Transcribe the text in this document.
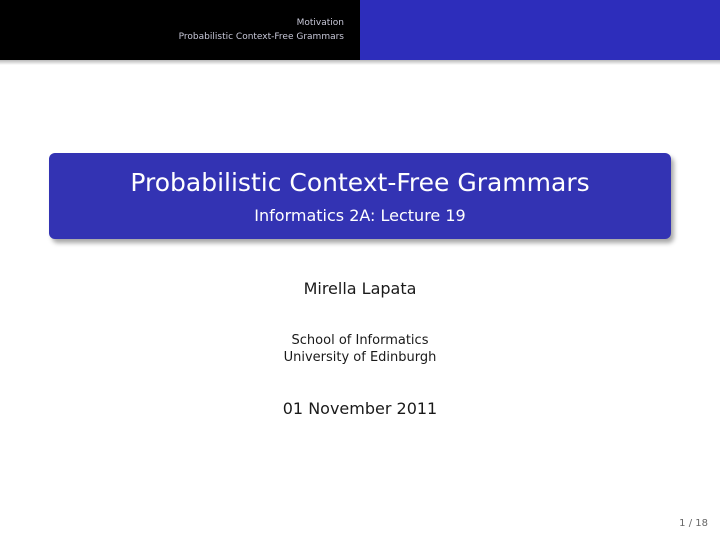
Motivation
Probabilistic Context-Free Grammars
Probabilistic Context-Free Grammars
Informatics 2A: Lecture 19
Mirella Lapata
School of Informatics
University of Edinburgh
01 November 2011
1 / 18
